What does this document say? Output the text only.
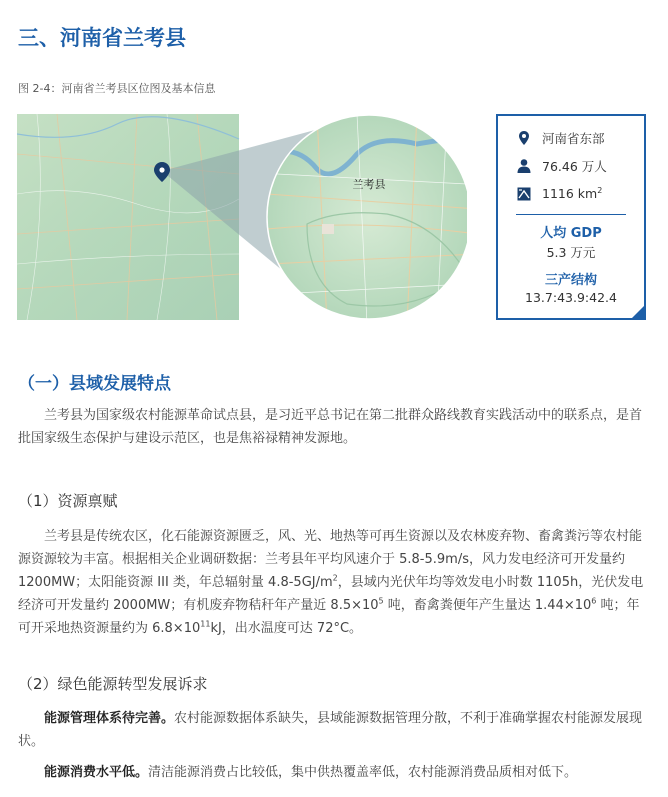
三、河南省兰考县
图 2-4：河南省兰考县区位图及基本信息
兰考县
河南省东部
76.46 万人
1116 $km^2$
人均 GDP
5.3 万元
三产结构
13.7:43.9:42.4
（一）县域发展特点

兰考县为国家级农村能源革命试点县，是习近平总书记在第二批群众路线教育实践活动中的联系点，是首批国家级生态保护与建设示范区，也是焦裕禄精神发源地。

（1）资源禀赋

兰考县是传统农区，化石能源资源匮乏，风、光、地热等可再生资源以及农林废弃物、畜禽粪污等农村能源资源较为丰富。根据相关企业调研数据：兰考县年平均风速介于 5.8-5.9m/s，风力发电经济可开发量约 1200MW；太阳能资源 III 类，年总辐射量 $4.8-5GJ/m^2$，县域内光伏年均等效发电小时数 1105h，光伏发电经济可开发量约 2000MW；有机废弃物秸秆年产量近 $8.5\times 10^5$ 吨，畜禽粪便年产生量达 $1.44\times 10^6$ 吨；年可开采地热资源量约为 $6.8\times 10^{11}kJ$，出水温度可达 72°C。

（2）绿色能源转型发展诉求

能源管理体系待完善。农村能源数据体系缺失，县域能源数据管理分散，不利于准确掌握农村能源发展现状。

能源消费水平低。清洁能源消费占比较低，集中供热覆盖率低，农村能源消费品质相对低下。
